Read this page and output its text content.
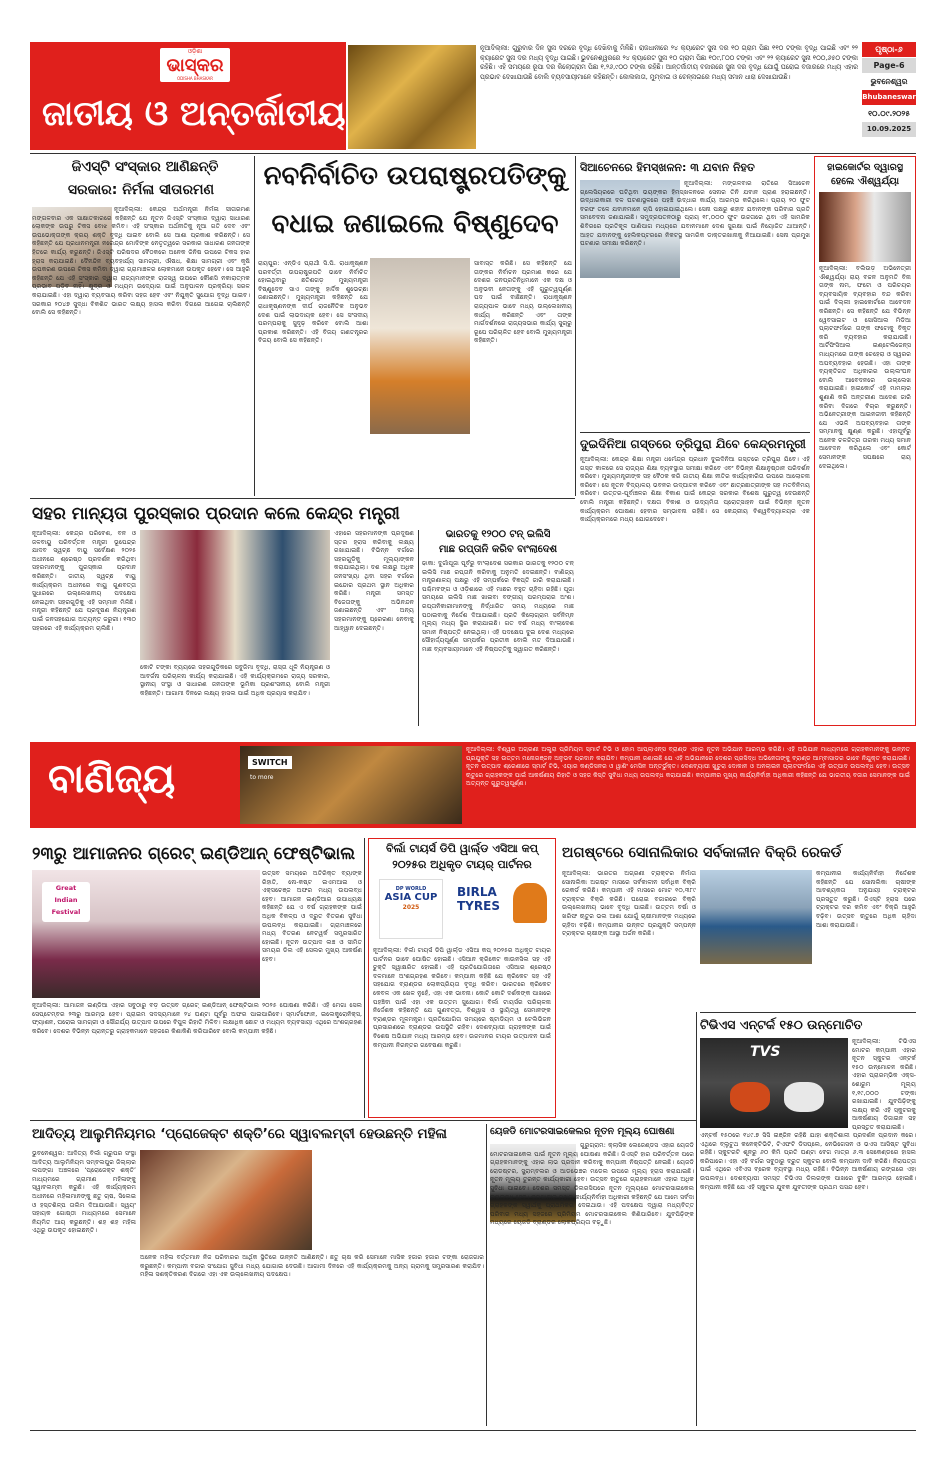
ଓଡ଼ିଶା
ଭାସ୍କର
ODISHA BHASKAR
ଜାତୀୟ ଓ ଅନ୍ତର୍ଜାତୀୟ
ନୂଆଦିଲ୍ଲୀ: ଗୁରୁବାର ଦିନ ସୁନା ଦରରେ ବୃଦ୍ଧି ଦେଖିବାକୁ ମିଳିଛି। ରାଜଧାନୀରେ ୨୪ କ୍ୟାରେଟ ସୁନା ଦର ୧୦ ଗ୍ରାମ ପିଛା ୧୧୦ ଟଙ୍କା ବୃଦ୍ଧି ପାଇଛି ଏବଂ ୨୨ କ୍ୟାରେଟ ସୁନା ଦର ମଧ୍ୟ ବୃଦ୍ଧି ପାଇଛି। ଭୁବନେଶ୍ୱରରେ ୨୪ କ୍ୟାରେଟ ସୁନା ୧୦ ଗ୍ରାମ ପିଛା ୧୦୯,୮୦୦ ଟଙ୍କା ଏବଂ ୨୨ କ୍ୟାରେଟ ସୁନା ୧୦୦,୬୫୦ ଟଙ୍କା ରହିଛି। ଏହି ସମୟରେ ରୂପା ଦର କିଲୋଗ୍ରାମ ପିଛା ୧,୨୬,୯୦୦ ଟଙ୍କା ରହିଛି। ଆନ୍ତର୍ଜାତୀୟ ବଜାରରେ ସୁନା ଦର ବୃଦ୍ଧି ଯୋଗୁଁ ଘରୋଇ ବଜାରରେ ମଧ୍ୟ ଏହାର ପ୍ରଭାବ ଦେଖାଯାଉଛି ବୋଲି ବ୍ୟବସାୟୀମାନେ କହିଛନ୍ତି। କୋଲକାତା, ମୁମ୍ବାଇ ଓ ଚେନ୍ନାଇରେ ମଧ୍ୟ ସମାନ ଧାରା ଦେଖାଯାଉଛି।
ପୃଷ୍ଠା-୬
Page-6
ଭୁବନେଶ୍ୱର
Bhubaneswar
୧୦.୦୯.୨୦୨୫
10.09.2025
ଜିଏସ୍‌ଟି ସଂସ୍କାର ଆଣିଛନ୍ତି
ସରକାର: ନିର୍ମଳା ସୀତାରମଣ
ନୂଆଦିଲ୍ଲୀ: କେନ୍ଦ୍ର ଅର୍ଥମନ୍ତ୍ରୀ ନିର୍ମଳା ସୀତାରମଣ ମଙ୍ଗଳବାର ଏକ ସାକ୍ଷାତକାରରେ କହିଛନ୍ତି ଯେ ନୂତନ ଜିଏସ୍‌ଟି ସଂସ୍କାର ଦ୍ୱାରା ସାଧାରଣ ଲୋକଙ୍କ ଉପରୁ ଟିକସ ବୋଝ କମିବ। ଏହି ସଂସ୍କାର ଅର୍ଥନୀତିକୁ ନୂଆ ଗତି ଦେବ ଏବଂ ଉପଭୋକ୍ତାଙ୍କ କ୍ରୟ ଶକ୍ତି ବୃଦ୍ଧି ପାଇବ ବୋଲି ସେ ଆଶା ପ୍ରକାଶ କରିଛନ୍ତି। ସେ କହିଛନ୍ତି ଯେ ପ୍ରଧାନମନ୍ତ୍ରୀ ନରେନ୍ଦ୍ର ମୋଦିଙ୍କ ନେତୃତ୍ୱରେ ସରକାର ସାଧାରଣ ଜନତାଙ୍କ ହିତରେ କାର୍ଯ୍ୟ କରୁଛନ୍ତି। ଜିଏସ୍‌ଟି ପରିଷଦର ବୈଠକରେ ଅନେକ ଜିନିଷ ଉପରେ ଟିକସ ହାର ହ୍ରାସ କରାଯାଇଛି। ଦୈନନ୍ଦିନ ବ୍ୟବହାର୍ଯ୍ୟ ସାମଗ୍ରୀ, ଔଷଧ, ଶିକ୍ଷା ସାମଗ୍ରୀ ଏବଂ କୃଷି ଉପକରଣ ଉପରେ ଟିକସ କମିବା ଦ୍ୱାରା ଗ୍ରାମାଞ୍ଚଳର ଲୋକମାନେ ଉପକୃତ ହେବେ। ସେ ଆହୁରି କହିଛନ୍ତି ଯେ ଏହି ସଂସ୍କାର ଦ୍ୱାରା ରାଜ୍ୟମାନଙ୍କ ରାଜସ୍ୱ ଉପରେ କୌଣସି ନକାରାତ୍ମକ ପ୍ରଭାବ ପଡ଼ିବ ନାହିଁ। କ୍ଷୁଦ୍ର ଓ ମଧ୍ୟମ ଉଦ୍ୟୋଗ ପାଇଁ ଅନୁପାଳନ ପ୍ରକ୍ରିୟା ସରଳ କରାଯାଇଛି। ଏହା ଦ୍ୱାରା ବ୍ୟବସାୟ କରିବା ସହଜ ହେବ ଏବଂ ନିଯୁକ୍ତି ସୁଯୋଗ ବୃଦ୍ଧି ପାଇବ। ସରକାର ୨୦୪୭ ସୁଦ୍ଧା ବିକଶିତ ଭାରତ ଲକ୍ଷ୍ୟ ହାସଲ କରିବା ଦିଗରେ ଆଗେଇ ଚାଲିଛନ୍ତି ବୋଲି ସେ କହିଛନ୍ତି।
ନବନିର୍ବାଚିତ ଉପରାଷ୍ଟ୍ରପତିଙ୍କୁ
ବଧାଇ ଜଣାଇଲେ ବିଷ୍ଣୁଦେବ
ରାୟପୁର: ଏନ୍‌ଡିଏ ପ୍ରାର୍ଥୀ ସି.ପି. ରାଧାକୃଷ୍ଣନ ପରବର୍ତ୍ତୀ ଉପରାଷ୍ଟ୍ରପତି ଭାବେ ନିର୍ବାଚିତ ହୋଇଥିବାରୁ ଛତିଶଗଡ଼ ମୁଖ୍ୟମନ୍ତ୍ରୀ ବିଷ୍ଣୁଦେବ ସାଏ ତାଙ୍କୁ ହାର୍ଦ୍ଦିକ ଶୁଭେଚ୍ଛା ଜଣାଇଛନ୍ତି। ମୁଖ୍ୟମନ୍ତ୍ରୀ କହିଛନ୍ତି ଯେ ରାଧାକୃଷ୍ଣନଙ୍କ ଦୀର୍ଘ ରାଜନୈତିକ ଅନୁଭବ ଦେଶ ପାଇଁ ଲାଭଦାୟକ ହେବ। ସେ ସଂସଦୀୟ ପରମ୍ପରାକୁ ସୁଦୃଢ଼ କରିବେ ବୋଲି ଆଶା ପ୍ରକାଶ କରିଛନ୍ତି। ଏହି ବିଜୟ ଗଣତନ୍ତ୍ରର ବିଜୟ ବୋଲି ସେ କହିଛନ୍ତି।
ସାବାସ୍ତ କରିଛି। ସେ କହିଛନ୍ତି ଯେ ତାଙ୍କର ନିର୍ବାଚନ ପ୍ରମାଣ କରେ ଯେ ଦେଶର ଜନପ୍ରତିନିଧିମାନେ ଏକ ଦକ୍ଷ ଓ ଅନୁଭବୀ ନେତାଙ୍କୁ ଏହି ଗୁରୁତ୍ୱପୂର୍ଣ୍ଣ ପଦ ପାଇଁ ବାଛିଛନ୍ତି। ରାଧାକୃଷ୍ଣନ ରାଜ୍ୟପାଳ ଭାବେ ମଧ୍ୟ ଉଲ୍ଲେଖନୀୟ କାର୍ଯ୍ୟ କରିଛନ୍ତି ଏବଂ ତାଙ୍କ ମାର୍ଗଦର୍ଶନରେ ରାଜ୍ୟସଭାର କାର୍ଯ୍ୟ ସୁଚାରୁ ରୂପେ ପରିଚାଳିତ ହେବ ବୋଲି ମୁଖ୍ୟମନ୍ତ୍ରୀ କହିଛନ୍ତି।
ସିଆଚେନରେ ହିମସ୍ଖଳନ: ୩ ଯବାନ ନିହତ
ନୂଆଦିଲ୍ଲୀ: ମଙ୍ଗଳବାର ରାତିରେ ସିଆଚେନ ଗ୍ଲେସିୟରରେ ଘଟିଥିବା ଭୟଙ୍କର ହିମସ୍ଖଳନରେ ସେନାର ତିନି ଯବାନ ପ୍ରାଣ ହରାଇଛନ୍ତି। ଉଦ୍ଧାରକାରୀ ଦଳ ଘଟଣାସ୍ଥଳରେ ପହଞ୍ଚି ଉଦ୍ଧାର କାର୍ଯ୍ୟ ଆରମ୍ଭ କରିଥିଲେ। ପ୍ରାୟ ୨୦ ଫୁଟ ବରଫ ତଳେ ଯବାନମାନେ ଚାପି ହୋଇଯାଇଥିଲେ। ସେନା ପକ୍ଷରୁ ଶହୀଦ ଯବାନଙ୍କ ପରିବାର ପ୍ରତି ସମବେଦନା ଜଣାଯାଇଛି। ସମୁଦ୍ରପତନଠାରୁ ପ୍ରାୟ ୧୮,୦୦୦ ଫୁଟ ଉଚ୍ଚତାରେ ଥିବା ଏହି ସାମରିକ ଶିବିରରେ ପ୍ରତିକୂଳ ପାଣିପାଗ ମଧ୍ୟରେ ଯବାନମାନେ ଦେଶ ସୁରକ୍ଷା ପାଇଁ ନିୟୋଜିତ ଥାଆନ୍ତି। ଆହତ ଯବାନଙ୍କୁ ହେଲିକପ୍ଟରରେ ନିକଟସ୍ଥ ସାମରିକ ଡାକ୍ତରଖାନାକୁ ନିଆଯାଇଛି। ସେନା ପ୍ରମୁଖ ଘଟଣାର ସମୀକ୍ଷା କରିଛନ୍ତି।
ହାଇକୋର୍ଟର ଦ୍ୱାରସ୍ଥ
ହେଲେ ଐଶ୍ୱର୍ଯ୍ୟା
ନୂଆଦିଲ୍ଲୀ: ବଲିଉଡ଼ ଅଭିନେତ୍ରୀ ଐଶ୍ୱର୍ଯ୍ୟା ରାୟ ବଚ୍ଚନ ଅନୁମତି ବିନା ତାଙ୍କ ନାମ, ଫଟୋ ଓ ପରିଚୟର ବ୍ୟବସାୟିକ ବ୍ୟବହାର ବନ୍ଦ କରିବା ପାଇଁ ଦିଲ୍ଲୀ ହାଇକୋର୍ଟରେ ଆବେଦନ କରିଛନ୍ତି। ସେ କହିଛନ୍ତି ଯେ ବିଭିନ୍ନ ୱେବସାଇଟ ଓ ସୋସିଆଲ ମିଡିଆ ପ୍ଲାଟଫର୍ମରେ ତାଙ୍କ ଫଟୋକୁ ବିକୃତ କରି ବ୍ୟବହାର କରାଯାଉଛି। ଆର୍ଟିଫିସିଆଲ ଇଣ୍ଟେଲିଜେନ୍ସ ମାଧ୍ୟମରେ ତାଙ୍କ ଚେହେରା ଓ ସ୍ୱରର ଅପବ୍ୟବହାର ହେଉଛି। ଏହା ତାଙ୍କ ବ୍ୟକ୍ତିଗତ ଅଧିକାରର ଉଲ୍ଲଂଘନ ବୋଲି ଆବେଦନରେ ଉଲ୍ଲେଖ କରାଯାଇଛି। ହାଇକୋର୍ଟ ଏହି ମାମଲାର ଶୁଣାଣି କରି ଅନ୍ତରୀଣ ଆଦେଶ ଜାରି କରିବା ଦିଗରେ ବିଚାର କରୁଛନ୍ତି। ଅଭିନେତ୍ରୀଙ୍କ ଆଇନଜୀବୀ କହିଛନ୍ତି ଯେ ଏଭଳି ଅପବ୍ୟବହାର ତାଙ୍କ ସମ୍ମାନକୁ କ୍ଷୁଣ୍ଣ କରୁଛି। ଏହାପୂର୍ବରୁ ଅନେକ ଚଳଚ୍ଚିତ୍ର ତାରକା ମଧ୍ୟ ସମାନ ଆବେଦନ କରିଥିଲେ ଏବଂ କୋର୍ଟ ସେମାନଙ୍କ ସପକ୍ଷରେ ରାୟ ଦେଇଥିଲେ।
ଦୁଇଦିନିଆ ଗସ୍ତରେ ତ୍ରିପୁରା ଯିବେ କେନ୍ଦ୍ରମନ୍ତ୍ରୀ
ନୂଆଦିଲ୍ଲୀ: କେନ୍ଦ୍ର ଶିକ୍ଷା ମନ୍ତ୍ରୀ ଧର୍ମେନ୍ଦ୍ର ପ୍ରଧାନ ଦୁଇଦିନିଆ ଗସ୍ତରେ ତ୍ରିପୁରା ଯିବେ। ଏହି ଗସ୍ତ କାଳରେ ସେ ରାଜ୍ୟର ଶିକ୍ଷା ବ୍ୟବସ୍ଥାର ସମୀକ୍ଷା କରିବେ ଏବଂ ବିଭିନ୍ନ ଶିକ୍ଷାନୁଷ୍ଠାନ ପରିଦର୍ଶନ କରିବେ। ମୁଖ୍ୟମନ୍ତ୍ରୀଙ୍କ ସହ ବୈଠକ କରି ଜାତୀୟ ଶିକ୍ଷା ନୀତିର କାର୍ଯ୍ୟକାରିତା ଉପରେ ଆଲୋଚନା କରିବେ। ସେ ନୂତନ ବିଦ୍ୟାଳୟ ଭବନର ଉଦ୍‌ଘାଟନ କରିବେ ଏବଂ ଛାତ୍ରଛାତ୍ରୀଙ୍କ ସହ ମତବିନିମୟ କରିବେ। ଉତ୍ତର-ପୂର୍ବାଞ୍ଚଳର ଶିକ୍ଷା ବିକାଶ ପାଇଁ କେନ୍ଦ୍ର ସରକାର ବିଶେଷ ଗୁରୁତ୍ୱ ଦେଉଛନ୍ତି ବୋଲି ମନ୍ତ୍ରୀ କହିଛନ୍ତି। ଦକ୍ଷତା ବିକାଶ ଓ ଉଦ୍ୟମିତା ପ୍ରୋତ୍ସାହନ ପାଇଁ ବିଭିନ୍ନ ନୂତନ କାର୍ଯ୍ୟକ୍ରମ ଘୋଷଣା ହେବାର ସମ୍ଭାବନା ରହିଛି। ସେ କେନ୍ଦ୍ରୀୟ ବିଶ୍ୱବିଦ୍ୟାଳୟର ଏକ କାର୍ଯ୍ୟକ୍ରମରେ ମଧ୍ୟ ଯୋଗଦେବେ।
ସହର ମାନ୍ୟତା ପୁରସ୍କାର ପ୍ରଦାନ କଲେ କେନ୍ଦ୍ର ମନ୍ତ୍ରୀ
ନୂଆଦିଲ୍ଲୀ: କେନ୍ଦ୍ର ପରିବେଶ, ବନ ଓ ଜଳବାୟୁ ପରିବର୍ତ୍ତନ ମନ୍ତ୍ରୀ ଭୂପେନ୍ଦ୍ର ଯାଦବ ସ୍ୱଚ୍ଛ ବାୟୁ ସର୍ବେକ୍ଷଣ ୨୦୨୫ ଅଧୀନରେ ଶ୍ରେଷ୍ଠ ପ୍ରଦର୍ଶନ କରିଥିବା ସହରମାନଙ୍କୁ ପୁରସ୍କାର ପ୍ରଦାନ କରିଛନ୍ତି। ଜାତୀୟ ସ୍ୱଚ୍ଛ ବାୟୁ କାର୍ଯ୍ୟକ୍ରମ ଅଧୀନରେ ବାୟୁ ଗୁଣବତ୍ତା ସୁଧାରରେ ଉଲ୍ଲେଖନୀୟ ପଦକ୍ଷେପ ନେଇଥିବା ସହରଗୁଡ଼ିକୁ ଏହି ସମ୍ମାନ ମିଳିଛି। ମନ୍ତ୍ରୀ କହିଛନ୍ତି ଯେ ପ୍ରଦୂଷଣ ନିୟନ୍ତ୍ରଣ ପାଇଁ ଜନସହଯୋଗ ଅତ୍ୟନ୍ତ ଜରୁରୀ। ୧୩୦ ସହରରେ ଏହି କାର୍ଯ୍ୟକ୍ରମ ଚାଲିଛି।
ଏହାରେ ସହରମାନଙ୍କ ପ୍ରଦୂଷଣ ସ୍ତର ହ୍ରାସ କରିବାକୁ ଲକ୍ଷ୍ୟ ରଖାଯାଇଛି। ବିଭିନ୍ନ ବର୍ଗରେ ସହରଗୁଡ଼ିକୁ ମୂଲ୍ୟାଙ୍କନ କରାଯାଇଥିଲା। ଦଶ ଲକ୍ଷରୁ ଅଧିକ ଜନସଂଖ୍ୟା ଥିବା ସହର ବର୍ଗରେ ଇନ୍ଦୋର ପ୍ରଥମ ସ୍ଥାନ ଅଧିକାର କରିଛି। ମନ୍ତ୍ରୀ ସମସ୍ତ ବିଜେତାଙ୍କୁ ଅଭିନନ୍ଦନ ଜଣାଇଛନ୍ତି ଏବଂ ଅନ୍ୟ ସହରମାନଙ୍କୁ ପ୍ରେରଣା ନେବାକୁ ଆହ୍ୱାନ ଦେଇଛନ୍ତି।
କୋଟି ଟଙ୍କା ବ୍ୟୟରେ ସହରଗୁଡ଼ିକରେ ସବୁଜିମା ବୃଦ୍ଧି, ରାସ୍ତା ଧୂଳି ନିୟନ୍ତ୍ରଣ ଓ ଆବର୍ଜନା ପରିଚାଳନା କାର୍ଯ୍ୟ କରାଯାଇଛି। ଏହି କାର୍ଯ୍ୟକ୍ରମରେ ରାଜ୍ୟ ସରକାର, ସ୍ଥାନୀୟ ସଂସ୍ଥା ଓ ସାଧାରଣ ଜନତାଙ୍କ ଭୂମିକା ପ୍ରଶଂସନୀୟ ବୋଲି ମନ୍ତ୍ରୀ କହିଛନ୍ତି। ଆଗାମୀ ଦିନରେ ଲକ୍ଷ୍ୟ ହାସଲ ପାଇଁ ଅଧିକ ପ୍ରୟାସ କରାଯିବ।
ଭାରତକୁ ୧୨୦୦ ଟନ୍ ଇଲିସି
ମାଛ ରପ୍ତାନି କରିବ ବାଂଲାଦେଶ
ଢାକା: ଦୁର୍ଗାପୂଜା ପୂର୍ବରୁ ବାଂଲାଦେଶ ସରକାର ଭାରତକୁ ୧୨୦୦ ଟନ୍ ଇଲିସି ମାଛ ରପ୍ତାନି କରିବାକୁ ଅନୁମତି ଦେଇଛନ୍ତି। ବାଣିଜ୍ୟ ମନ୍ତ୍ରଣାଳୟ ପକ୍ଷରୁ ଏହି ସମ୍ପର୍କରେ ବିଜ୍ଞପ୍ତି ଜାରି କରାଯାଇଛି। ପଶ୍ଚିମବଙ୍ଗ ଓ ଓଡ଼ିଶାରେ ଏହି ମାଛର ବହୁତ ଚାହିଦା ରହିଛି। ପୂଜା ସମୟରେ ଇଲିସି ମାଛ ଖାଇବା ବଙ୍ଗୀୟ ପରମ୍ପରାର ଅଂଶ। ରପ୍ତାନିକାରୀମାନଙ୍କୁ ନିର୍ଦ୍ଧାରିତ ସମୟ ମଧ୍ୟରେ ମାଛ ପଠାଇବାକୁ ନିର୍ଦ୍ଦେଶ ଦିଆଯାଇଛି। ପ୍ରତି କିଲୋଗ୍ରାମ ସର୍ବନିମ୍ନ ମୂଲ୍ୟ ମଧ୍ୟ ସ୍ଥିର କରାଯାଇଛି। ଗତ ବର୍ଷ ମଧ୍ୟ ବାଂଲାଦେଶ ସମାନ ନିଷ୍ପତ୍ତି ନେଇଥିଲା। ଏହି ପଦକ୍ଷେପ ଦୁଇ ଦେଶ ମଧ୍ୟରେ ସୌହାର୍ଦ୍ଦ୍ୟପୂର୍ଣ୍ଣ ସମ୍ପର୍କର ପ୍ରତୀକ ବୋଲି ମତ ଦିଆଯାଉଛି। ମାଛ ବ୍ୟବସାୟୀମାନେ ଏହି ନିଷ୍ପତ୍ତିକୁ ସ୍ୱାଗତ କରିଛନ୍ତି।
ବାଣିଜ୍ୟ	SWITCH
to more
ନୂଆଦିଲ୍ଲୀ: ବିଶ୍ୱର ଅଗ୍ରଣୀ ଅଲ୍ଟ୍ରା ପ୍ରିମିୟମ ସ୍ମାର୍ଟ ଟିଭି ଓ ହୋମ ଆପ୍ଲାଏନ୍ସ ବ୍ରାଣ୍ଡ ଏହାର ନୂତନ ଅଭିଯାନ ଆରମ୍ଭ କରିଛି। ଏହି ଅଭିଯାନ ମାଧ୍ୟମରେ ଗ୍ରାହକମାନଙ୍କୁ ଉନ୍ନତ ପ୍ରଯୁକ୍ତି ସହ ଉତ୍ତମ ମନୋରଞ୍ଜନ ଅନୁଭବ ପ୍ରଦାନ କରାଯିବ। କମ୍ପାନୀ ଜଣାଇଛି ଯେ ଏହି ଅଭିଯାନରେ ଦେଶର ପ୍ରସିଦ୍ଧ ଅଭିନେତାଙ୍କୁ ବ୍ରାଣ୍ଡ ଆମ୍ବାସାଡର ଭାବେ ନିଯୁକ୍ତ କରାଯାଇଛି। ନୂତନ ଉତ୍ପାଦ ଶ୍ରେଣୀରେ ସ୍ମାର୍ଟ ଟିଭି, ଏୟାର କଣ୍ଡିସନର ଓ ୱାଶିଂ ମେସିନ ଅନ୍ତର୍ଭୁକ୍ତ। ଦେଶବ୍ୟାପୀ ଖୁଚୁରା ଦୋକାନ ଓ ଅନଲାଇନ ପ୍ଲାଟଫର୍ମରେ ଏହି ଉତ୍ପାଦ ଉପଲବ୍ଧ ହେବ। ଉତ୍ସବ ଋତୁରେ ଗ୍ରାହକଙ୍କ ପାଇଁ ଆକର୍ଷଣୀୟ ରିହାତି ଓ ସହଜ କିସ୍ତି ସୁବିଧା ମଧ୍ୟ ଉପଲବ୍ଧ କରାଯାଇଛି। କମ୍ପାନୀର ମୁଖ୍ୟ କାର୍ଯ୍ୟନିର୍ବାହୀ ଅଧିକାରୀ କହିଛନ୍ତି ଯେ ଭାରତୀୟ ବଜାର ସେମାନଙ୍କ ପାଇଁ ଅତ୍ୟନ୍ତ ଗୁରୁତ୍ୱପୂର୍ଣ୍ଣ।
୨୩ରୁ ଆମାଜନର ଗ୍ରେଟ୍ ଇଣ୍ଡିଆନ୍ ଫେଷ୍ଟିଭାଲ
Great
Indian
Festival
ଉତ୍ସବ ସମୟରେ ଅତିରିକ୍ତ ବ୍ୟାଙ୍କ ରିହାତି, ନୋ-କଷ୍ଟ ଇଏମଆଇ ଓ ଏକ୍ସଚେଞ୍ଜ ଅଫର ମଧ୍ୟ ଉପଲବ୍ଧ ହେବ। ଆମାଜନ ଇଣ୍ଡିଆର ଉପାଧ୍ୟକ୍ଷ କହିଛନ୍ତି ଯେ ଏ ବର୍ଷ ଗ୍ରାହକଙ୍କ ପାଇଁ ଅଧିକ ବିକଳ୍ପ ଓ ଦ୍ରୁତ ବିତରଣ ସୁବିଧା ଉପଲବ୍ଧ କରାଯାଇଛି। ଗ୍ରାମାଞ୍ଚଳରେ ମଧ୍ୟ ବିତରଣ ନେଟୱର୍କ ସମ୍ପ୍ରସାରିତ ହୋଇଛି। ନୂତନ ଉତ୍ପାଦ ଲଞ୍ଚ ଓ ସୀମିତ ସମୟର ଡିଲ ଏହି ସେଲର ମୁଖ୍ୟ ଆକର୍ଷଣ ହେବ।
ନୂଆଦିଲ୍ଲୀ: ଆମାଜନ ଇଣ୍ଡିଆ ଏହାର ସବୁଠାରୁ ବଡ଼ ଉତ୍ସବ ଗ୍ରେଟ୍ ଇଣ୍ଡିଆନ୍ ଫେଷ୍ଟିଭାଲ ୨୦୨୫ ଘୋଷଣା କରିଛି। ଏହି ମେଗା ସେଲ ସେପ୍ଟେମ୍ବର ୨୩ରୁ ଆରମ୍ଭ ହେବ। ପ୍ରାଇମ ସଦସ୍ୟମାନେ ୨୪ ଘଣ୍ଟା ପୂର୍ବରୁ ଅଫର ପାଇପାରିବେ। ସ୍ମାର୍ଟଫୋନ, ଇଲେକ୍ଟ୍ରୋନିକ୍ସ, ଫ୍ୟାଶନ, ଘରୋଇ ସାମଗ୍ରୀ ଓ ସୌନ୍ଦର୍ଯ୍ୟ ଉତ୍ପାଦ ଉପରେ ବିପୁଳ ରିହାତି ମିଳିବ। ଲକ୍ଷାଧିକ ଛୋଟ ଓ ମଧ୍ୟମ ବ୍ୟବସାୟୀ ଏଥିରେ ଅଂଶଗ୍ରହଣ କରିବେ। ଦେଶର ବିଭିନ୍ନ ପ୍ରାନ୍ତରୁ ଗ୍ରାହକମାନେ ସହଜରେ କିଣାକିଣି କରିପାରିବେ ବୋଲି କମ୍ପାନୀ କହିଛି।
ବିର୍ଲା ଟାୟର୍ସ ଡିପି ୱାର୍ଲ୍ଡ ଏସିଆ କପ୍
୨୦୨୫ର ଅଧିକୃତ ଟାୟର୍ ପାର୍ଟନର
DP WORLD
ASIA CUP
2025
BIRLA
TYRES
ନୂଆଦିଲ୍ଲୀ: ବିର୍ଲା ଟାୟର୍ସ ଡିପି ୱାର୍ଲ୍ଡ ଏସିଆ କପ୍ ୨୦୨୫ର ଅଧିକୃତ ଟାୟର ପାର୍ଟନର ଭାବେ ଘୋଷିତ ହୋଇଛି। ଏସିଆନ କ୍ରିକେଟ କାଉନସିଲ ସହ ଏହି ଚୁକ୍ତି ସ୍ୱାକ୍ଷରିତ ହୋଇଛି। ଏହି ପ୍ରତିଯୋଗିତାରେ ଏସିଆର ଶ୍ରେଷ୍ଠ ଦଳମାନେ ଅଂଶଗ୍ରହଣ କରିବେ। କମ୍ପାନୀ କହିଛି ଯେ କ୍ରିକେଟ ସହ ଏହି ସହଯୋଗ ବ୍ରାଣ୍ଡର ଲୋକପ୍ରିୟତା ବୃଦ୍ଧି କରିବ। ଭାରତରେ କ୍ରିକେଟ କେବଳ ଏକ ଖେଳ ନୁହେଁ, ଏହା ଏକ ଭାବନା। କୋଟି କୋଟି ଦର୍ଶକଙ୍କ ପାଖରେ ପହଞ୍ଚିବା ପାଇଁ ଏହା ଏକ ଉତ୍ତମ ସୁଯୋଗ। ବିର୍ଲା ଟାୟର୍ସର ପରିଚାଳନା ନିର୍ଦ୍ଦେଶକ କହିଛନ୍ତି ଯେ ଗୁଣବତ୍ତା, ବିଶ୍ୱାସ ଓ ସ୍ଥାୟିତ୍ୱ ସେମାନଙ୍କ ବ୍ରାଣ୍ଡର ମୂଳମନ୍ତ୍ର। ପ୍ରତିଯୋଗିତା ସମୟରେ ଷ୍ଟାଡିୟମ ଓ ଟେଲିଭିଜନ ପ୍ରସାରଣରେ ବ୍ରାଣ୍ଡର ଉପସ୍ଥିତି ରହିବ। ଦେଶବ୍ୟାପୀ ଗ୍ରାହକଙ୍କ ପାଇଁ ବିଶେଷ ଅଭିଯାନ ମଧ୍ୟ ଆରମ୍ଭ ହେବ। ଉଚ୍ଚମାନର ଟାୟର ଉତ୍ପାଦନ ପାଇଁ କମ୍ପାନୀ ନିରନ୍ତର ଗବେଷଣା କରୁଛି।
ଅଗଷ୍ଟରେ ସୋନାଲିକାର ସର୍ବକାଳୀନ ବିକ୍ରି ରେକର୍ଡ
ନୂଆଦିଲ୍ଲୀ: ଭାରତର ଅଗ୍ରଣୀ ଟ୍ରାକ୍ଟର ନିର୍ମାତା ସୋନାଲିକା ଅଗଷ୍ଟ ମାସରେ ସର୍ବକାଳୀନ ସର୍ବାଧିକ ବିକ୍ରି ରେକର୍ଡ କରିଛି। କମ୍ପାନୀ ଏହି ମାସରେ ମୋଟ ୧୦,୩୮୯ ଟ୍ରାକ୍ଟର ବିକ୍ରି କରିଛି। ଘରୋଇ ବଜାରରେ ବିକ୍ରି ଉଲ୍ଲେଖନୀୟ ଭାବେ ବୃଦ୍ଧି ପାଇଛି। ଉତ୍ତମ ବର୍ଷା ଓ ଖରିଫ ଋତୁର ଭଲ ଆଶା ଯୋଗୁଁ ଚାଷୀମାନଙ୍କ ମଧ୍ୟରେ ଚାହିଦା ବଢ଼ିଛି। କମ୍ପାନୀର ଉନ୍ନତ ପ୍ରଯୁକ୍ତି ସମ୍ପନ୍ନ ଟ୍ରାକ୍ଟର ଚାଷୀଙ୍କ ଆସ୍ଥା ଅର୍ଜନ କରିଛି।
କମ୍ପାନୀର କାର୍ଯ୍ୟନିର୍ବାହୀ ନିର୍ଦ୍ଦେଶକ କହିଛନ୍ତି ଯେ ସୋନାଲିକା ଚାଷୀଙ୍କ ଆବଶ୍ୟକତା ଅନୁଯାୟୀ ଟ୍ରାକ୍ଟର ପ୍ରସ୍ତୁତ କରୁଛି। ଜିଏସ୍‌ଟି ହ୍ରାସ ପରେ ଟ୍ରାକ୍ଟର ଦର କମିବ ଏବଂ ବିକ୍ରି ଆହୁରି ବଢ଼ିବ। ଉତ୍ସବ ଋତୁରେ ଅଧିକ ଚାହିଦା ଆଶା କରାଯାଉଛି।
ଟିଭିଏସ ଏନ୍‌ଟର୍କ ୧୫୦ ଉନ୍ମୋଚିତ
TVS
ନୂଆଦିଲ୍ଲୀ: ଟିଭିଏସ ମୋଟର କମ୍ପାନୀ ଏହାର ନୂତନ ସ୍କୁଟର ଏନ୍‌ଟର୍କ ୧୫୦ ଉନ୍ମୋଚନ କରିଛି। ଏହାର ପ୍ରାରମ୍ଭିକ ଏକ୍ସ-ଶୋରୁମ ମୂଲ୍ୟ ୧,୧୯,୦୦୦ ଟଙ୍କା ରଖାଯାଇଛି। ଯୁବପିଢ଼ିଙ୍କୁ ଲକ୍ଷ୍ୟ କରି ଏହି ସ୍କୁଟରକୁ ଆକର୍ଷଣୀୟ ଡିଜାଇନ ସହ ପ୍ରସ୍ତୁତ କରାଯାଇଛି।
ଏନ୍‌ଟର୍କ ୧୫୦ରେ ୧୪୯.୭ ସିସି ଇଞ୍ଜିନ ରହିଛି ଯାହା ଶକ୍ତିଶାଳୀ ପ୍ରଦର୍ଶନ ପ୍ରଦାନ କରେ। ଏଥିରେ ବ୍ଲୁଟୁଥ କନେକ୍ଟିଭିଟି, ଟିଏଫଟି ଡିସପ୍ଲେ, ନେଭିଗେସନ ଓ ଭଏସ ଆସିଷ୍ଟ ସୁବିଧା ରହିଛି। ସ୍କୁଟରଟି ଶୂନରୁ ୬୦ କିମି ପ୍ରତି ଘଣ୍ଟା ବେଗ ମାତ୍ର ୬.୩ ସେକେଣ୍ଡରେ ହାସଲ କରିପାରେ। ଏହା ଏହି ବର୍ଗର ସବୁଠାରୁ ଦ୍ରୁତ ସ୍କୁଟର ବୋଲି କମ୍ପାନୀ ଦାବି କରିଛି। ନିରାପତ୍ତା ପାଇଁ ଏଥିରେ ଏବିଏସ ବ୍ରେକ ବ୍ୟବସ୍ଥା ମଧ୍ୟ ରହିଛି। ବିଭିନ୍ନ ଆକର୍ଷଣୀୟ ରଙ୍ଗରେ ଏହା ଉପଲବ୍ଧ। ଦେଶବ୍ୟାପୀ ସମସ୍ତ ଟିଭିଏସ ଡିଲରଙ୍କ ପାଖରେ ବୁକିଂ ଆରମ୍ଭ ହୋଇଛି। କମ୍ପାନୀ କହିଛି ଯେ ଏହି ସ୍କୁଟର ଯୁବକ ଯୁବତୀଙ୍କ ପ୍ରଥମ ପସନ୍ଦ ହେବ।
ଆଦିତ୍ୟ ଆଲୁମିନିୟମର ‘ପ୍ରୋଜେକ୍ଟ ଶକ୍ତି’ରେ ସ୍ୱାବଲମ୍ବୀ ହେଉଛନ୍ତି ମହିଳା
ଭୁବନେଶ୍ୱର: ଆଦିତ୍ୟ ବିର୍ଲା ଗ୍ରୁପର ସଂସ୍ଥା ଆଦିତ୍ୟ ଆଲୁମିନିୟମ ସମ୍ବଲପୁର ଜିଲ୍ଲାର ଲପଙ୍ଗା ଅଞ୍ଚଳରେ ‘ପ୍ରୋଜେକ୍ଟ ଶକ୍ତି’ ମାଧ୍ୟମରେ ଗ୍ରାମୀଣ ମହିଳାଙ୍କୁ ସ୍ୱାବଲମ୍ବୀ କରୁଛି। ଏହି କାର୍ଯ୍ୟକ୍ରମ ଅଧୀନରେ ମହିଳାମାନଙ୍କୁ ଛତୁ ଚାଷ, ସିଲେଇ ଓ ହସ୍ତଶିଳ୍ପ ତାଲିମ ଦିଆଯାଉଛି। ସ୍ୱୟଂ ସହାୟକ ଗୋଷ୍ଠୀ ମାଧ୍ୟମରେ ସେମାନେ ନିୟମିତ ଆୟ କରୁଛନ୍ତି। ଶହ ଶହ ମହିଳା ଏଥିରୁ ଉପକୃତ ହୋଇଛନ୍ତି।
ଅନେକ ମହିଳା ବର୍ତ୍ତମାନ ନିଜ ପରିବାରର ଆର୍ଥିକ ସ୍ଥିତିରେ ଉନ୍ନତି ଆଣିଛନ୍ତି। ଛତୁ ଚାଷ କରି ସେମାନେ ମାସିକ ହଜାର ହଜାର ଟଙ୍କା ରୋଜଗାର କରୁଛନ୍ତି। କମ୍ପାନୀ ବଜାର ସଂଯୋଗ ସୁବିଧା ମଧ୍ୟ ଯୋଗାଇ ଦେଉଛି। ଆଗାମୀ ଦିନରେ ଏହି କାର୍ଯ୍ୟକ୍ରମକୁ ଅନ୍ୟ ଗ୍ରାମକୁ ସମ୍ପ୍ରସାରଣ କରାଯିବ। ମହିଳା ସଶକ୍ତିକରଣ ଦିଗରେ ଏହା ଏକ ଉଲ୍ଲେଖନୀୟ ପଦକ୍ଷେପ।
ୟେଜଡି ମୋଟରସାଇକେଲର ନୂତନ ମୂଲ୍ୟ ଘୋଷଣା
ଗୁରୁଗ୍ରାମ: କ୍ଲାସିକ ଲେଜେଣ୍ଡସ ଏହାର ୟେଜଡି ମୋଟରସାଇକେଲ ପାଇଁ ନୂତନ ମୂଲ୍ୟ ଘୋଷଣା କରିଛି। ଜିଏସ୍‌ଟି ହାର ପରିବର୍ତ୍ତନ ପରେ ଗ୍ରାହକମାନଙ୍କୁ ଏହାର ଲାଭ ପ୍ରଦାନ କରିବାକୁ କମ୍ପାନୀ ନିଷ୍ପତ୍ତି ନେଇଛି। ୟେଜଡି ରୋଡଷ୍ଟର, ସ୍କ୍ରାମ୍ବଲର ଓ ଆଡଭେଞ୍ଚର ମଡେଲ ଉପରେ ମୂଲ୍ୟ ହ୍ରାସ କରାଯାଇଛି। ନୂତନ ମୂଲ୍ୟ ତୁରନ୍ତ କାର୍ଯ୍ୟକାରୀ ହେବ। ଉତ୍ସବ ଋତୁରେ ଗ୍ରାହକମାନେ ଏହାର ଅଧିକ ସୁବିଧା ପାଇବେ। ଦେଶର ସମସ୍ତ ଡିଲରସିପରେ ନୂତନ ମୂଲ୍ୟରେ ମୋଟରସାଇକେଲ ଉପଲବ୍ଧ ହେବ। କମ୍ପାନୀର ମୁଖ୍ୟ କାର୍ଯ୍ୟନିର୍ବାହୀ ଅଧିକାରୀ କହିଛନ୍ତି ଯେ ଆମେ ସର୍ବଦା ଗ୍ରାହକଙ୍କ ସ୍ୱାର୍ଥକୁ ପ୍ରାଥମିକତା ଦେଇଥାଉ। ଏହି ପଦକ୍ଷେପ ଦ୍ୱାରା ମଧ୍ୟବିତ୍ତ ପରିବାର ମଧ୍ୟ ସହଜରେ ପ୍ରିମିୟମ ମୋଟରସାଇକେଲ କିଣିପାରିବେ। ଯୁବପିଢ଼ିଙ୍କ ମଧ୍ୟରେ ୟେଜଡି ବ୍ରାଣ୍ଡର ଲୋକପ୍ରିୟତା ବଢ଼ୁଛି।
